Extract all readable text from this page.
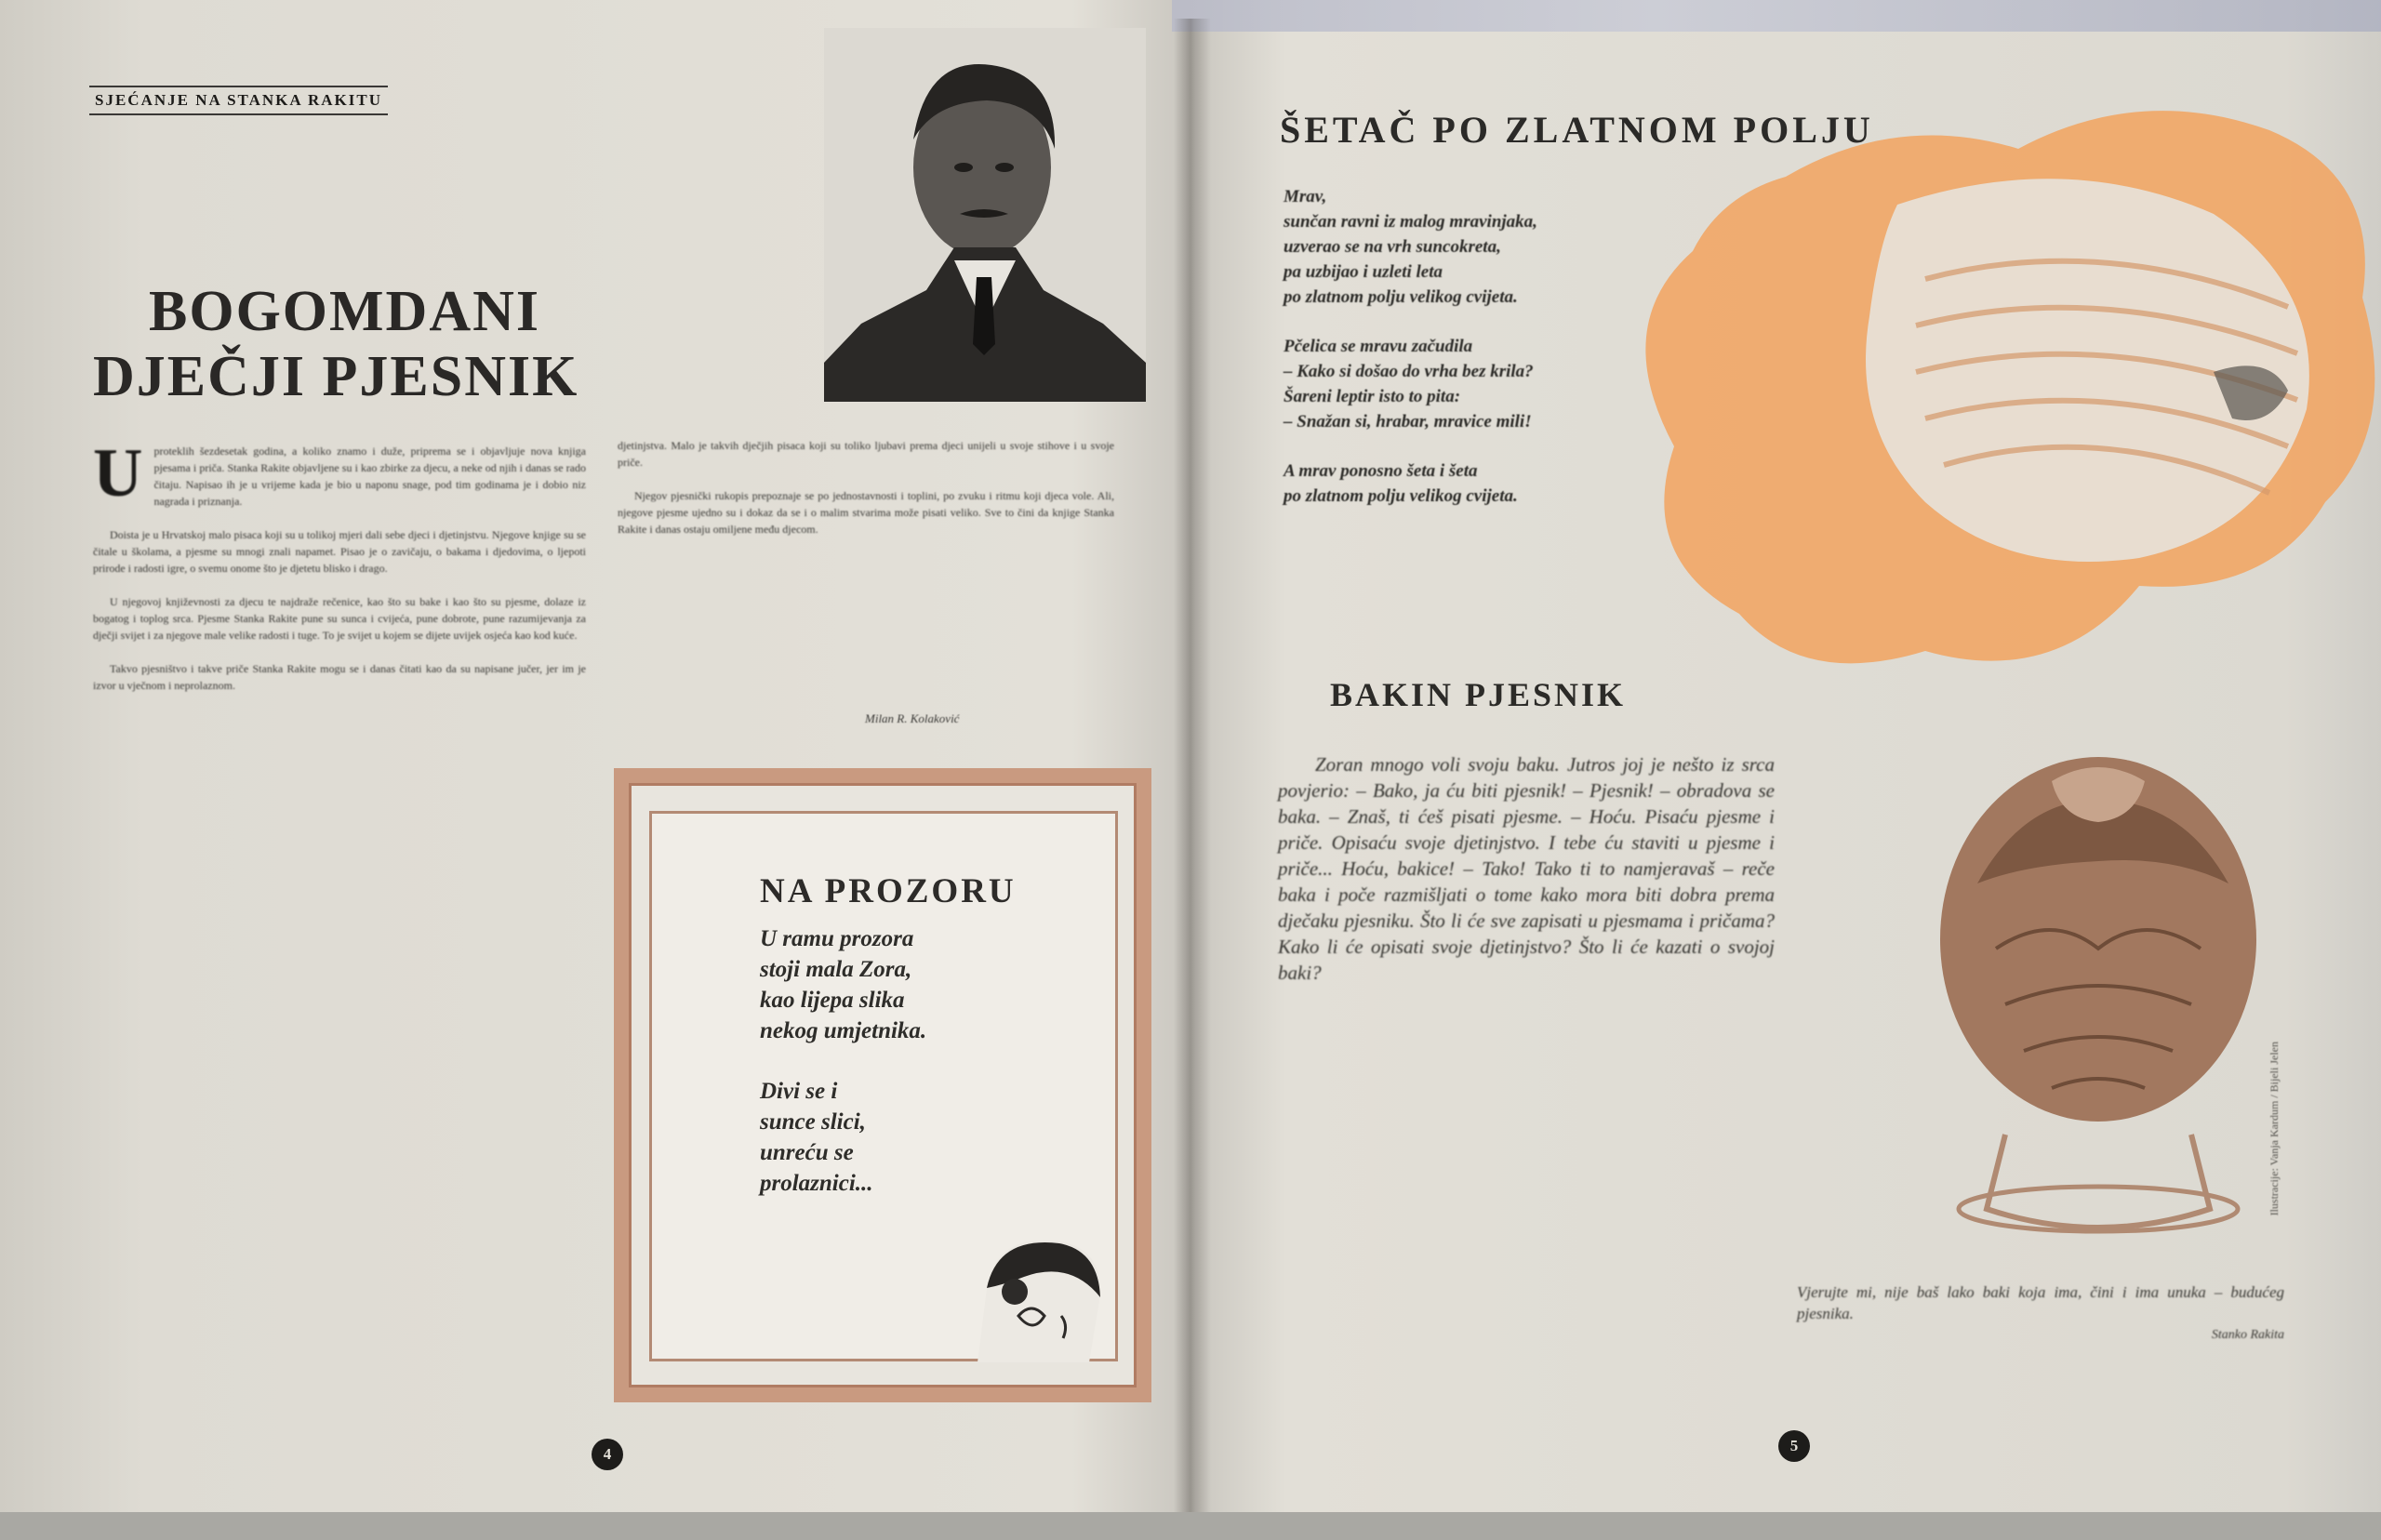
SJEĆANJE NA STANKA RAKITU
BOGOMDANI
DJEČJI PJESNIK
U	proteklih šezdesetak godina, a koliko znamo i duže, priprema se i objavljuje nova knjiga pjesama i priča. Stanka Rakite objavljene su i kao zbirke za djecu, a neke od njih i danas se rado čitaju. Napisao ih je u vrijeme kada je bio u naponu snage, pod tim godinama je i dobio niz nagrada i priznanja.

Doista je u Hrvatskoj malo pisaca koji su u tolikoj mjeri dali sebe djeci i djetinjstvu. Njegove knjige su se čitale u školama, a pjesme su mnogi znali napamet. Pisao je o zavičaju, o bakama i djedovima, o ljepoti prirode i radosti igre, o svemu onome što je djetetu blisko i drago.

U njegovoj književnosti za djecu te najdraže rečenice, kao što su bake i kao što su pjesme, dolaze iz bogatog i toplog srca. Pjesme Stanka Rakite pune su sunca i cvijeća, pune dobrote, pune razumijevanja za dječji svijet i za njegove male velike radosti i tuge. To je svijet u kojem se dijete uvijek osjeća kao kod kuće.

Takvo pjesništvo i takve priče Stanka Rakite mogu se i danas čitati kao da su napisane jučer, jer im je izvor u vječnom i neprolaznom.

djetinjstva. Malo je takvih dječjih pisaca koji su toliko ljubavi prema djeci unijeli u svoje stihove i u svoje priče.

Njegov pjesnički rukopis prepoznaje se po jednostavnosti i toplini, po zvuku i ritmu koji djeca vole. Ali, njegove pjesme ujedno su i dokaz da se i o malim stvarima može pisati veliko. Sve to čini da knjige Stanka Rakite i danas ostaju omiljene među djecom.

Milan R. Kolaković
NA PROZORU
U ramu prozora
stoji mala Zora,
kao lijepa slika
nekog umjetnika.
Divi se i
sunce slici,
unreću se
prolaznici...
4
ŠETAČ PO ZLATNOM POLJU
Mrav,
sunčan ravni iz malog mravinjaka,
uzverao se na vrh suncokreta,
pa uzbijao i uzleti leta
po zlatnom polju velikog cvijeta.
Pčelica se mravu začudila
– Kako si došao do vrha bez krila?
Šareni leptir isto to pita:
– Snažan si, hrabar, mravice mili!
A mrav ponosno šeta i šeta
po zlatnom polju velikog cvijeta.
BAKIN PJESNIK

Zoran mnogo voli svoju baku. Jutros joj je nešto iz srca povjerio: – Bako, ja ću biti pjesnik! – Pjesnik! – obradova se baka. – Znaš, ti ćeš pisati pjesme. – Hoću. Pisaću pjesme i priče. Opisaću svoje djetinjstvo. I tebe ću staviti u pjesme i priče... Hoću, bakice! – Tako! Tako ti to namjeravaš – reče baka i poče razmišljati o tome kako mora biti dobra prema dječaku pjesniku. Što li će sve zapisati u pjesmama i pričama? Kako li će opisati svoje djetinjstvo? Što li će kazati o svojoj baki?

Ilustracije: Vanja Kardum / Bijeli Jelen
Vjerujte mi, nije baš lako baki koja ima, čini i ima unuka – budućeg pjesnika.
Stanko Rakita
5
